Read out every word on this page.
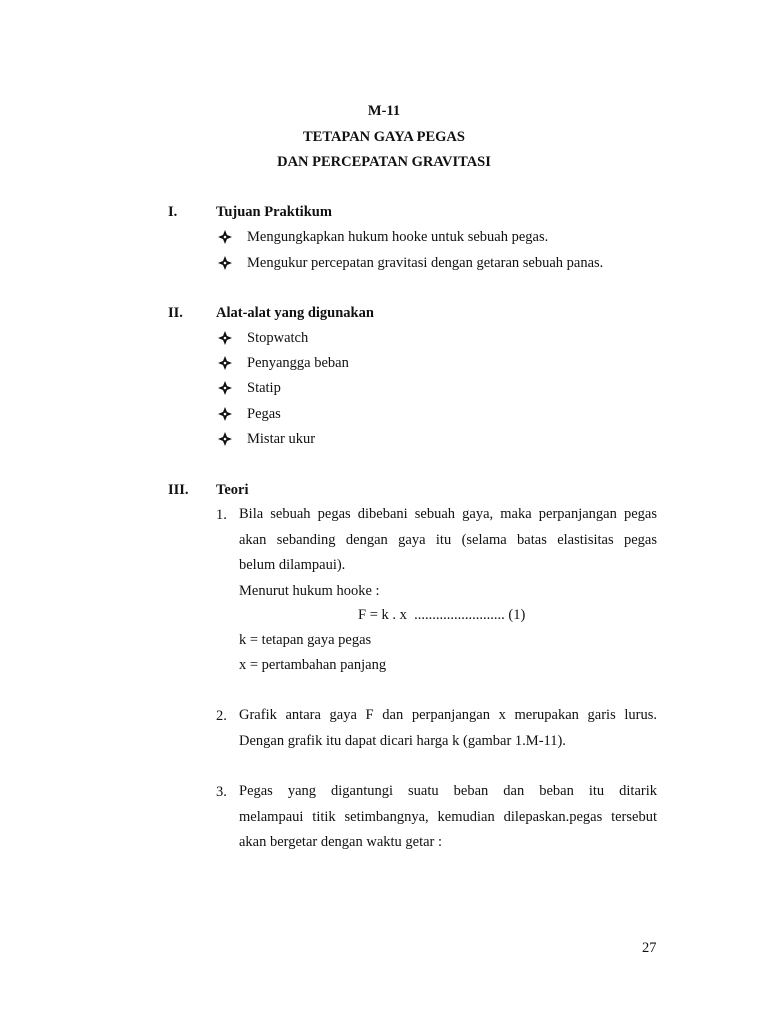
M-11
TETAPAN GAYA PEGAS
DAN PERCEPATAN GRAVITASI
I.	Tujuan Praktikum
Mengungkapkan hukum hooke untuk sebuah pegas.
Mengukur percepatan gravitasi dengan getaran sebuah panas.
II. Alat-alat yang digunakan
Stopwatch
Penyangga beban
Statip
Pegas
Mistar ukur
III. Teori
1. Bila sebuah pegas dibebani sebuah gaya, maka perpanjangan pegas
akan sebanding dengan gaya itu (selama batas elastisitas pegas
belum dilampaui).
Menurut hukum hooke :
F = k . x  ......................... (1)
k = tetapan gaya pegas
x = pertambahan panjang
2. Grafik antara gaya F dan perpanjangan x merupakan garis lurus.
Dengan grafik itu dapat dicari harga k (gambar 1.M-11).
3. Pegas yang digantungi suatu beban dan beban itu ditarik
melampaui titik setimbangnya, kemudian dilepaskan.pegas tersebut
akan bergetar dengan waktu getar :
27
